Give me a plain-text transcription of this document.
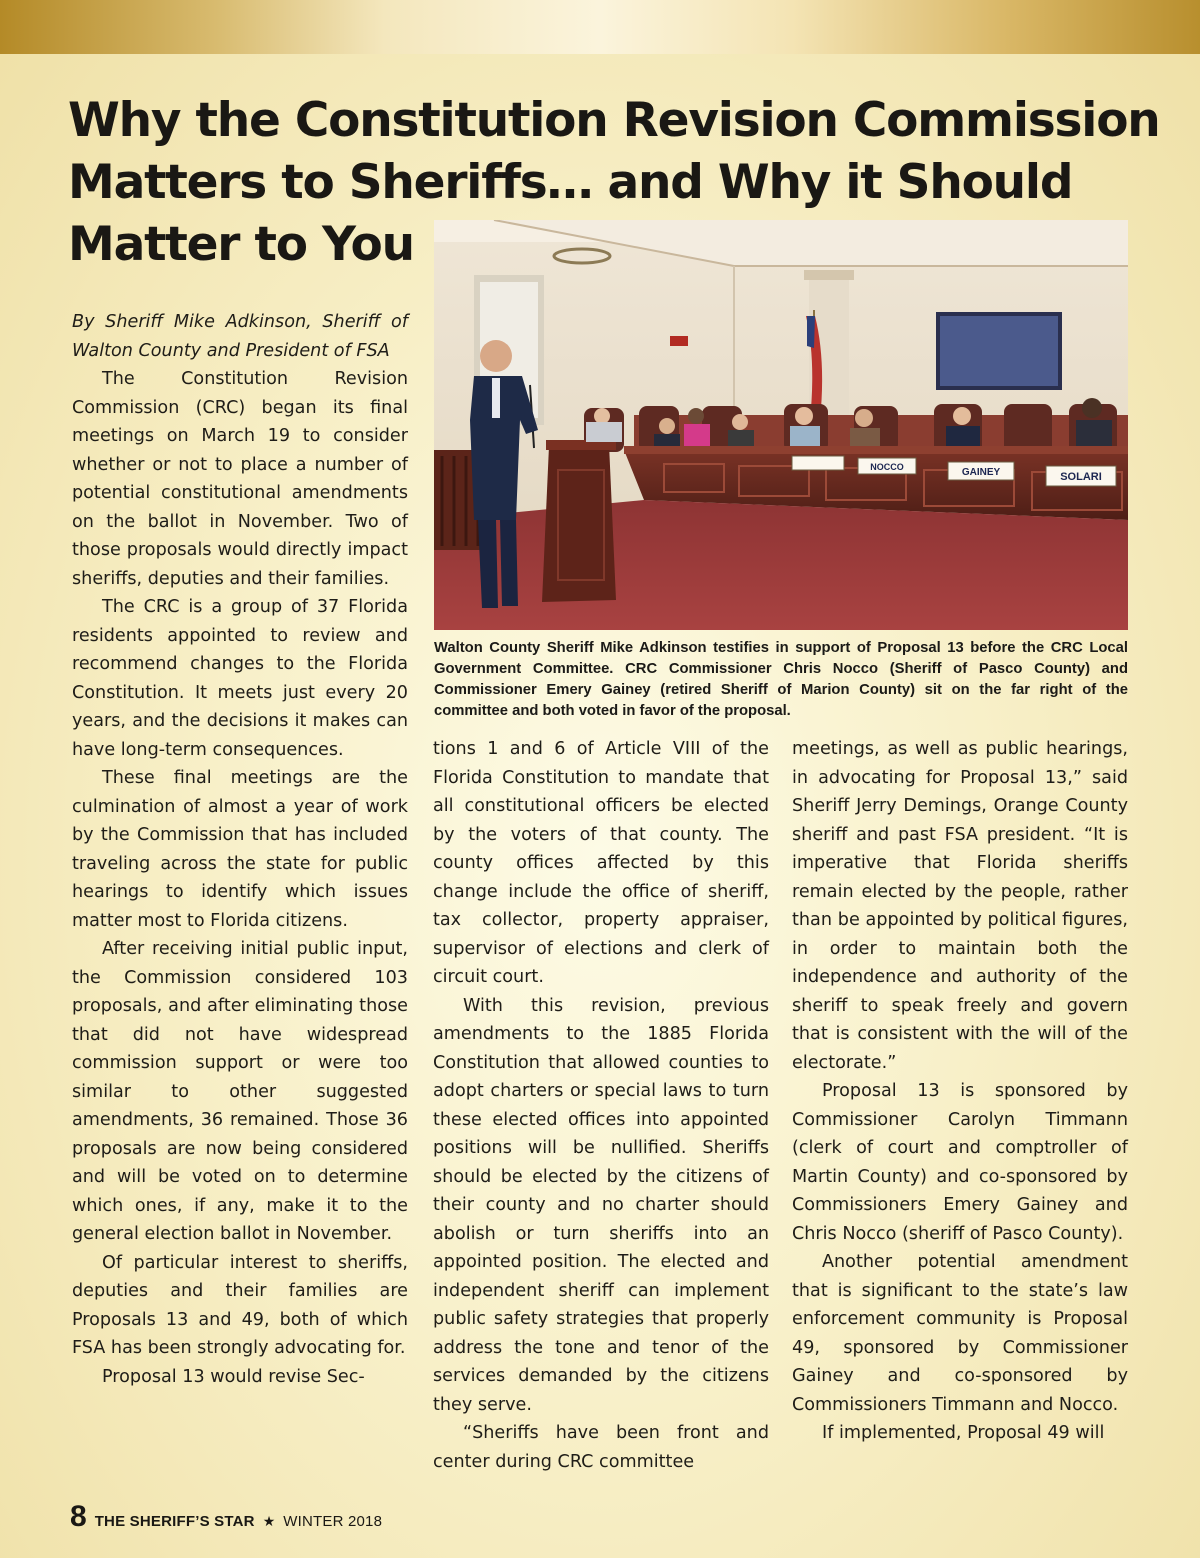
Why the Constitution Revision Commission
Matters to Sheriffs… and Why it Should
Matter to You
NOCCO	GAINEY	SOLARI

Walton County Sheriff Mike Adkinson testifies in support of Proposal 13 before the CRC Local Government Committee. CRC Commissioner Chris Nocco (Sheriff of Pasco County) and Commissioner Emery Gainey (retired Sheriff of Marion County) sit on the far right of the committee and both voted in favor of the proposal.

By Sheriff Mike Adkinson, Sheriff of Walton County and President of FSA

The Constitution Revision Commission (CRC) began its final meetings on March 19 to consider whether or not to place a number of potential constitutional amendments on the ballot in November. Two of those proposals would directly impact sheriffs, deputies and their families.

The CRC is a group of 37 Florida residents appointed to review and recommend changes to the Florida Constitution. It meets just every 20 years, and the decisions it makes can have long-term consequences.

These final meetings are the culmination of almost a year of work by the Commission that has included traveling across the state for public hearings to identify which issues matter most to Florida citizens.

After receiving initial public input, the Commission considered 103 proposals, and after eliminating those that did not have widespread commission support or were too similar to other suggested amendments, 36 remained. Those 36 proposals are now being considered and will be voted on to determine which ones, if any, make it to the general election ballot in November.

Of particular interest to sheriffs, deputies and their families are Proposals 13 and 49, both of which FSA has been strongly advocating for.

Proposal 13 would revise Sec-

tions 1 and 6 of Article VIII of the Florida Constitution to mandate that all constitutional officers be elected by the voters of that county. The county offices affected by this change include the office of sheriff, tax collector, property appraiser, supervisor of elections and clerk of circuit court.

With this revision, previous amendments to the 1885 Florida Constitution that allowed counties to adopt charters or special laws to turn these elected offices into appointed positions will be nullified. Sheriffs should be elected by the citizens of their county and no charter should abolish or turn sheriffs into an appointed position. The elected and independent sheriff can implement public safety strategies that properly address the tone and tenor of the services demanded by the citizens they serve.

“Sheriffs have been front and center during CRC committee

meetings, as well as public hearings, in advocating for Proposal 13,” said Sheriff Jerry Demings, Orange County sheriff and past FSA president. “It is imperative that Florida sheriffs remain elected by the people, rather than be appointed by political figures, in order to maintain both the independence and authority of the sheriff to speak freely and govern that is consistent with the will of the electorate.”

Proposal 13 is sponsored by Commissioner Carolyn Timmann (clerk of court and comptroller of Martin County) and co-sponsored by Commissioners Emery Gainey and Chris Nocco (sheriff of Pasco County).

Another potential amendment that is significant to the state’s law enforcement community is Proposal 49, sponsored by Commissioner Gainey and co-sponsored by Commissioners Timmann and Nocco.

If implemented, Proposal 49 will

8 THE SHERIFF’S STAR ★ WINTER 2018
